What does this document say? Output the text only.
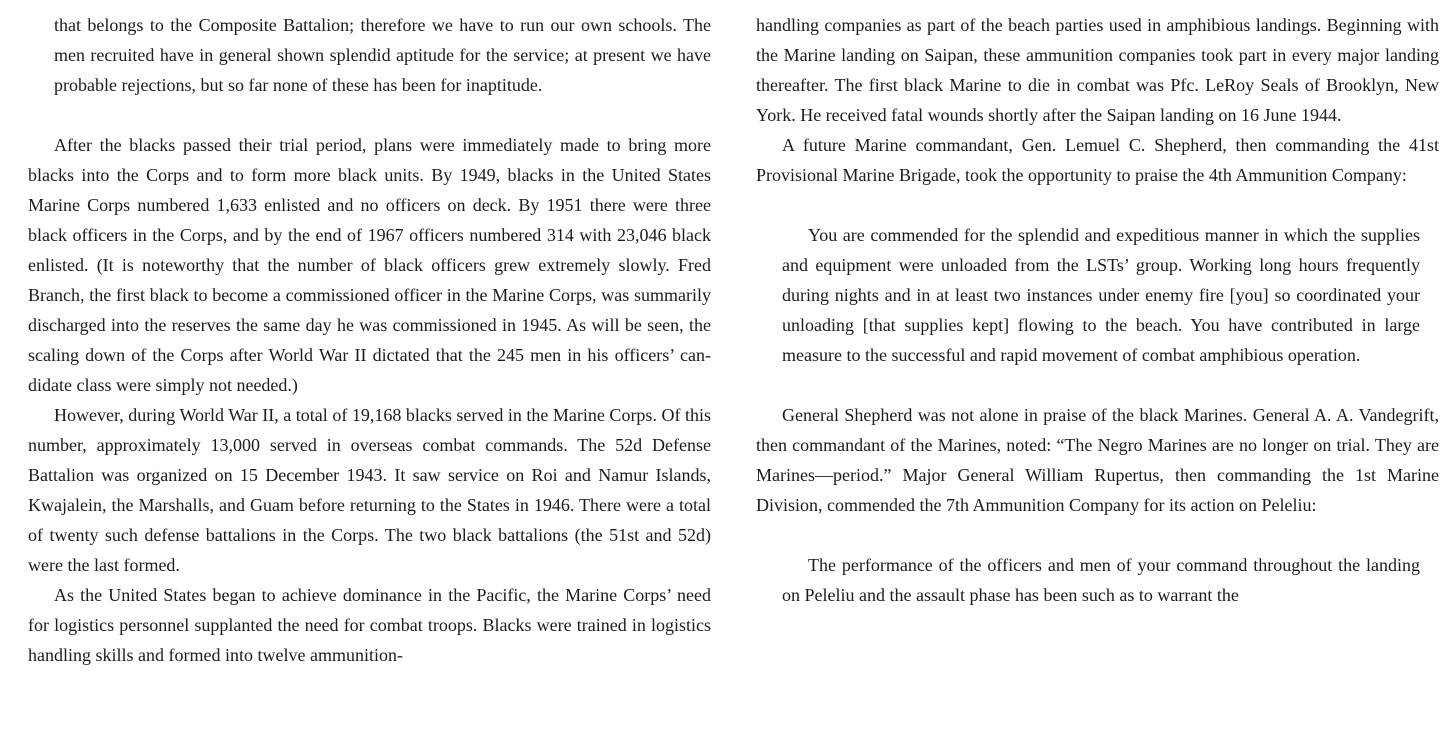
that belongs to the Composite Battalion; therefore we have to run our own schools. The men recruited have in general shown splendid aptitude for the service; at present we have probable rejections, but so far none of these has been for inaptitude.

After the blacks passed their trial period, plans were immediately made to bring more blacks into the Corps and to form more black units. By 1949, blacks in the United States Marine Corps numbered 1,633 enlisted and no officers on deck. By 1951 there were three black officers in the Corps, and by the end of 1967 officers numbered 314 with 23,046 black enlisted. (It is noteworthy that the number of black officers grew extremely slowly. Fred Branch, the first black to become a commissioned officer in the Marine Corps, was summarily discharged into the reserves the same day he was commissioned in 1945. As will be seen, the scaling down of the Corps after World War II dictated that the 245 men in his officers’ candidate class were simply not needed.)

However, during World War II, a total of 19,168 blacks served in the Marine Corps. Of this number, approximately 13,000 served in overseas combat commands. The 52d Defense Battalion was organized on 15 December 1943. It saw service on Roi and Namur Islands, Kwajalein, the Marshalls, and Guam before returning to the States in 1946. There were a total of twenty such defense battalions in the Corps. The two black battalions (the 51st and 52d) were the last formed.

As the United States began to achieve dominance in the Pacific, the Marine Corps’ need for logistics personnel supplanted the need for combat troops. Blacks were trained in logistics handling skills and formed into twelve ammunition-

handling companies as part of the beach parties used in amphibious landings. Beginning with the Marine landing on Saipan, these ammunition companies took part in every major landing thereafter. The first black Marine to die in combat was Pfc. LeRoy Seals of Brooklyn, New York. He received fatal wounds shortly after the Saipan landing on 16 June 1944.

A future Marine commandant, Gen. Lemuel C. Shepherd, then commanding the 41st Provisional Marine Brigade, took the opportunity to praise the 4th Ammunition Company:

You are commended for the splendid and expeditious manner in which the supplies and equipment were unloaded from the LSTs’ group. Working long hours frequently during nights and in at least two instances under enemy fire [you] so coordinated your unloading [that supplies kept] flowing to the beach. You have contributed in large measure to the successful and rapid movement of combat amphibious operation.

General Shepherd was not alone in praise of the black Marines. General A. A. Vandegrift, then commandant of the Marines, noted: “The Negro Marines are no longer on trial. They are Marines—period.” Major General William Rupertus, then commanding the 1st Marine Division, commended the 7th Ammunition Company for its action on Peleliu:

The performance of the officers and men of your command throughout the landing on Peleliu and the assault phase has been such as to warrant the
